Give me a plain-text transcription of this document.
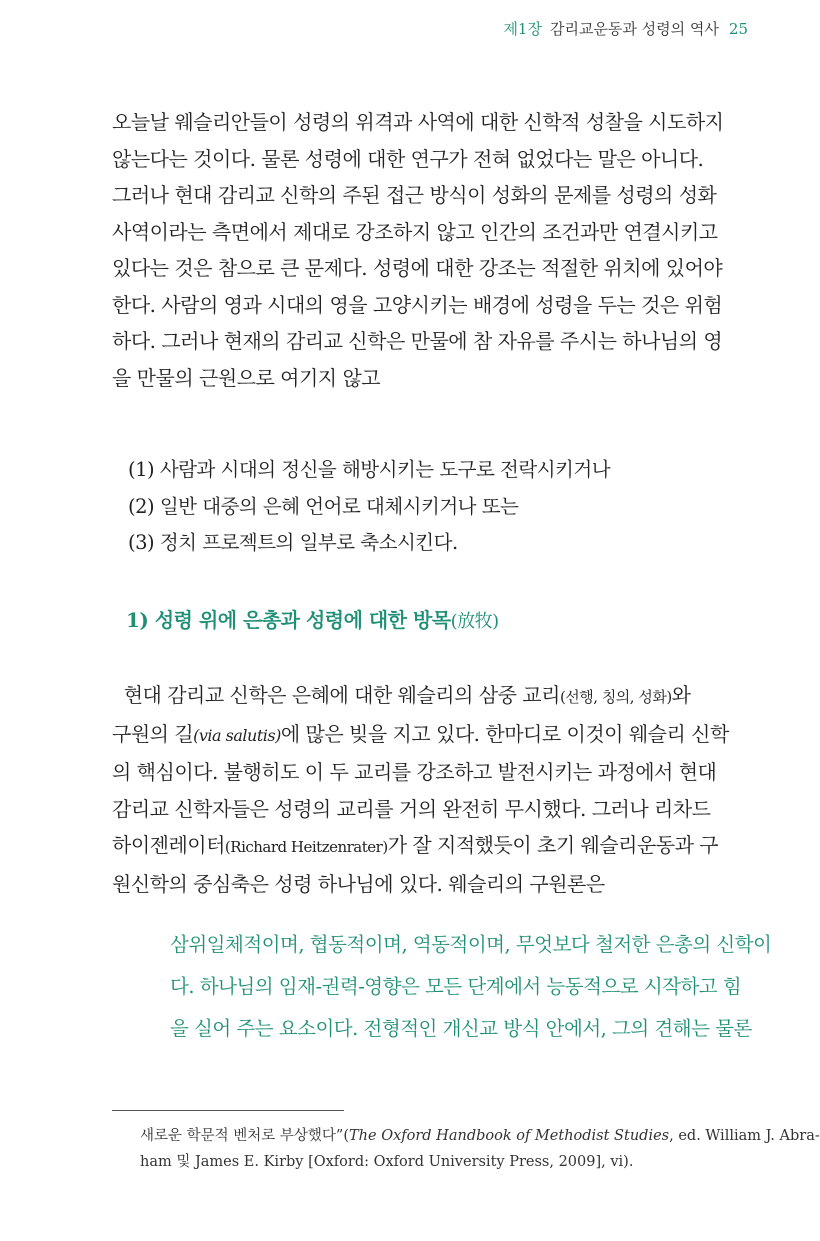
제1장 감리교운동과 성령의 역사 25
오늘날 웨슬리안들이 성령의 위격과 사역에 대한 신학적 성찰을 시도하지
않는다는 것이다. 물론 성령에 대한 연구가 전혀 없었다는 말은 아니다.
그러나 현대 감리교 신학의 주된 접근 방식이 성화의 문제를 성령의 성화
사역이라는 측면에서 제대로 강조하지 않고 인간의 조건과만 연결시키고
있다는 것은 참으로 큰 문제다. 성령에 대한 강조는 적절한 위치에 있어야
한다. 사람의 영과 시대의 영을 고양시키는 배경에 성령을 두는 것은 위험
하다. 그러나 현재의 감리교 신학은 만물에 참 자유를 주시는 하나님의 영
을 만물의 근원으로 여기지 않고
(1) 사람과 시대의 정신을 해방시키는 도구로 전락시키거나
(2) 일반 대중의 은혜 언어로 대체시키거나 또는
(3) 정치 프로젝트의 일부로 축소시킨다.
1) 성령 위에 은총과 성령에 대한 방목(放牧)
현대 감리교 신학은 은혜에 대한 웨슬리의 삼중 교리(선행, 칭의, 성화)와
구원의 길(via salutis)에 많은 빚을 지고 있다. 한마디로 이것이 웨슬리 신학
의 핵심이다. 불행히도 이 두 교리를 강조하고 발전시키는 과정에서 현대
감리교 신학자들은 성령의 교리를 거의 완전히 무시했다. 그러나 리차드
하이젠레이터(Richard Heitzenrater)가 잘 지적했듯이 초기 웨슬리운동과 구
원신학의 중심축은 성령 하나님에 있다. 웨슬리의 구원론은
삼위일체적이며, 협동적이며, 역동적이며, 무엇보다 철저한 은총의 신학이
다. 하나님의 임재-권력-영향은 모든 단계에서 능동적으로 시작하고 힘
을 실어 주는 요소이다. 전형적인 개신교 방식 안에서, 그의 견해는 물론
새로운 학문적 벤처로 부상했다”(The Oxford Handbook of Methodist Studies, ed. William J. Abra-
ham 및 James E. Kirby [Oxford: Oxford University Press, 2009], vi).
